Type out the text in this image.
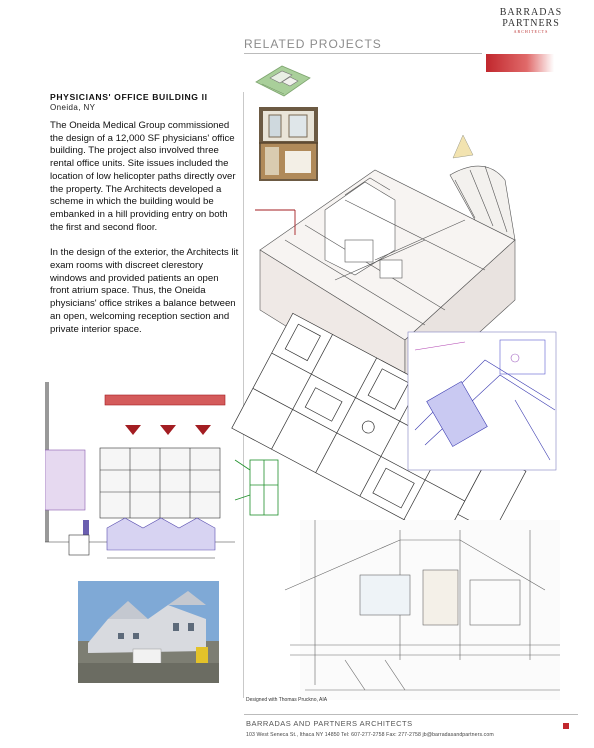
BARRADAS
PARTNERS
ARCHITECTS
RELATED PROJECTS
PHYSICIANS' OFFICE BUILDING II
Oneida, NY

The Oneida Medical Group commissioned the design of a 12,000 SF physicians' office building. The project also involved three rental office units. Site issues included the location of low helicopter paths directly over the property. The Architects developed a scheme in which the building would be embanked in a hill providing entry on both the first and second floor.

In the design of the exterior, the Architects lit exam rooms with discreet clerestory windows and provided patients an open front atrium space. Thus, the Oneida physicians' office strikes a balance between an open, welcoming reception section and private interior space.

Designed with Thomas Pruckno, AIA
BARRADAS AND PARTNERS ARCHITECTS
103 West Seneca St., Ithaca NY 14850 Tel: 607-277-2758 Fax: 277-2758 jb@barradasandpartners.com
